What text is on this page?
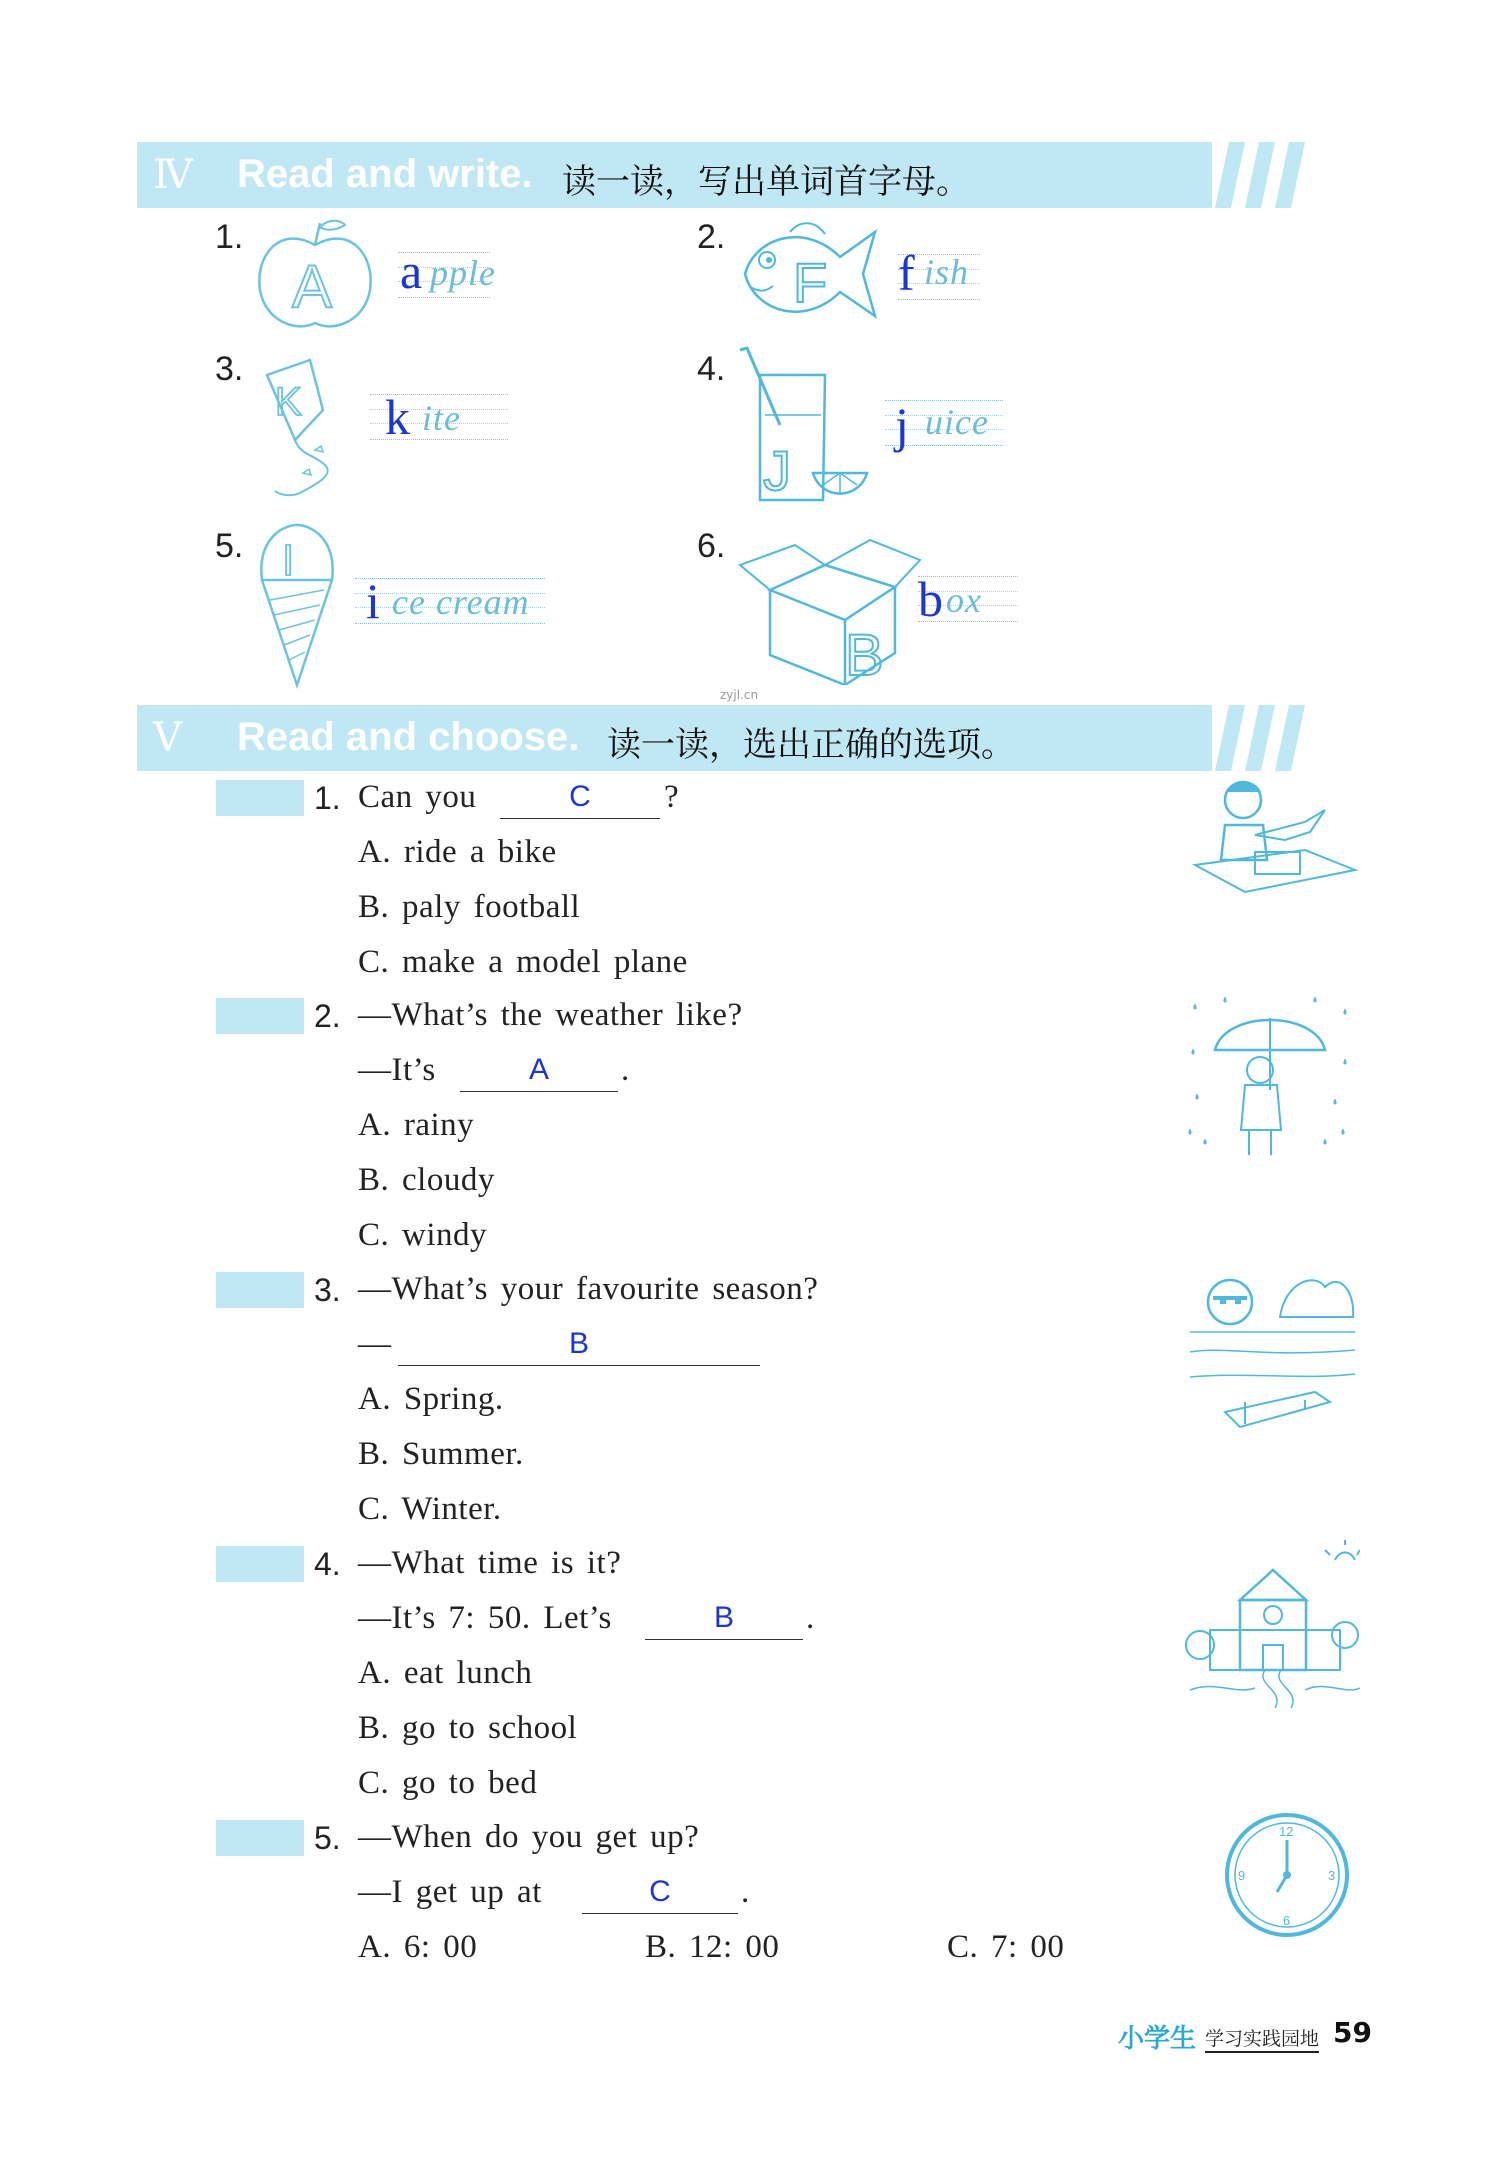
Ⅳ Read and write. 读一读，写出单词首字母。
1.
A a pple
2.
F f ish
3.
K k ite
4.
J
j uice
5. I
i ce cream
6.
B
b ox
zyjl.cn
Ⅴ Read and choose. 读一读，选出正确的选项。
1. Can you	C	?
A. ride a bike
B. paly football
C. make a model plane
2. —What’s the weather like?
—It’s	A	.
A. rainy
B. cloudy
C. windy
3. —What’s your favourite season?
—	B
A. Spring.
B. Summer.
C. Winter.
4. —What time is it?
—It’s 7: 50. Let’s	B	.
A. eat lunch
B. go to school
C. go to bed
5. —When do you get up?
—I get up at	C	.
A. 6: 00	B. 12: 00	C. 7: 00
12
3
6
9
小学生 学习实践园地 59
